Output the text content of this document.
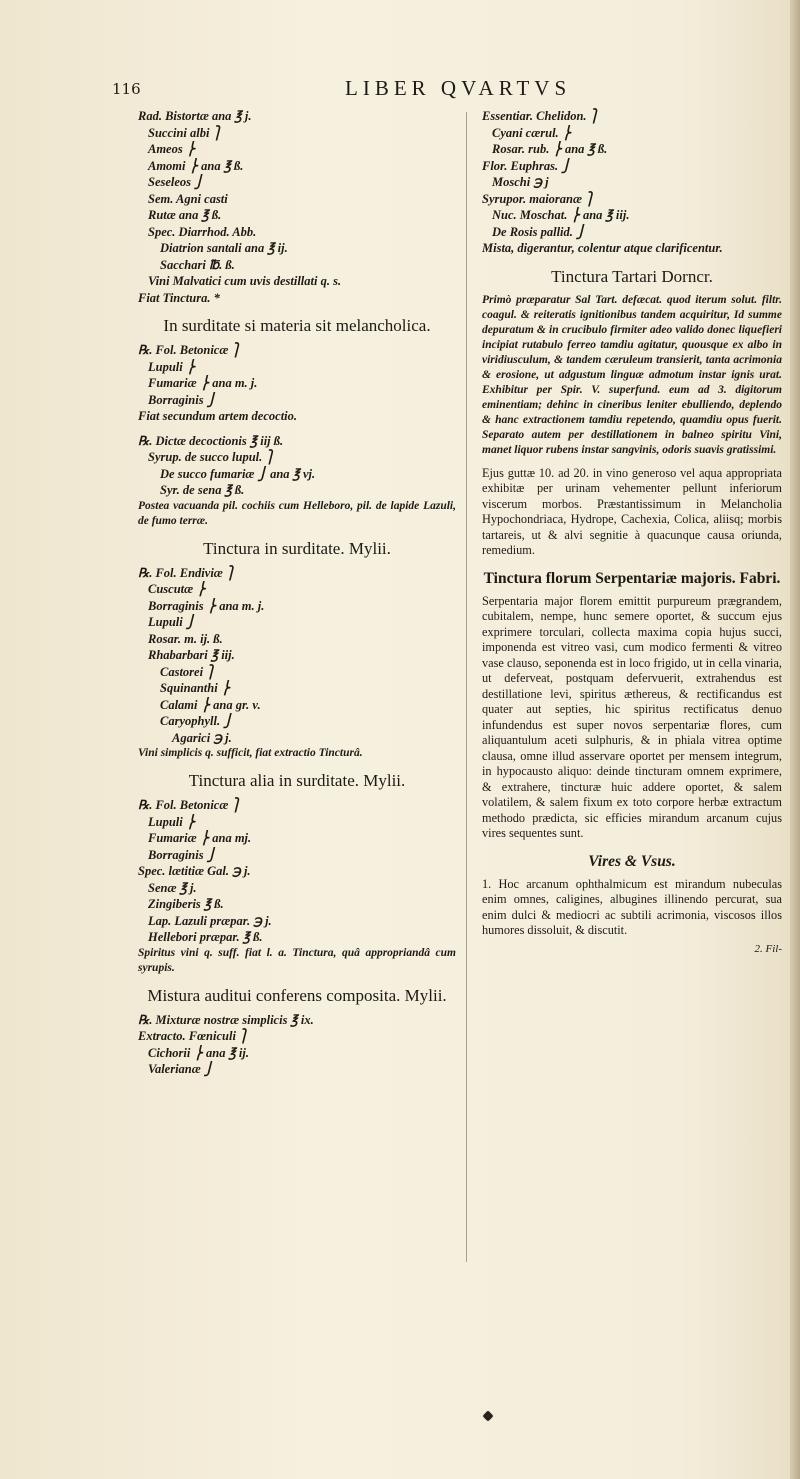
116	LIBER QVARTVS
Rad. Bistortæ ana ℥ j.
Succini albi ⎫
Ameos ⎬
Amomi ⎬ ana ℥ ß.
Seseleos ⎭
Sem. Agni casti
Rutæ ana ℥ ß.
Spec. Diarrhod. Abb.
Diatrion santali ana ℥ ij.
Sacchari ℔. ß.
Vini Malvatici cum uvis destillati q. s.
Fiat Tinctura. *
In surditate si materia sit melancholica.
℞. Fol. Betonicæ ⎫
Lupuli ⎬
Fumariæ ⎬ ana m. j.
Borraginis ⎭
Fiat secundum artem decoctio.
℞. Dictæ decoctionis ℥ iij ß.
Syrup. de succo lupul. ⎫
De succo fumariæ ⎭ ana ℥ vj.
Syr. de sena ℥ ß.
Postea vacuanda pil. cochiis cum Helleboro, pil. de lapide Lazuli, de fumo terræ.
Tinctura in surditate. Mylii.
℞. Fol. Endiviæ ⎫
Cuscutæ ⎬
Borraginis ⎬ ana m. j.
Lupuli ⎭
Rosar. m. ij. ß.
Rhabarbari ℥ iij.
Castorei ⎫
Squinanthi ⎬
Calami ⎬ ana gr. v.
Caryophyll. ⎭
Agarici ℈ j.
Vini simplicis q. sufficit, fiat extractio Tincturâ.
Tinctura alia in surditate. Mylii.
℞. Fol. Betonicæ ⎫
Lupuli ⎬
Fumariæ ⎬ ana mj.
Borraginis ⎭
Spec. lætitiæ Gal. ℈ j.
Senæ ℥ j.
Zingiberis ℥ ß.
Lap. Lazuli præpar. ℈ j.
Hellebori præpar. ℥ ß.
Spiritus vini q. suff. fiat l. a. Tinctura, quâ appropriandâ cum syrupis.
Mistura auditui conferens composita. Mylii.
℞. Mixturæ nostræ simplicis ℥ ix.
Extracto. Fœniculi ⎫
Cichorii ⎬ ana ℥ ij.
Valerianæ ⎭
Essentiar. Chelidon. ⎫
Cyani cærul. ⎬
Rosar. rub. ⎬ ana ℥ ß.
Flor. Euphras. ⎭
Moschi ℈ j
Syrupor. maioranæ ⎫
Nuc. Moschat. ⎬ ana ℥ iij.
De Rosis pallid. ⎭
Mista, digerantur, colentur atque clarificentur.
Tinctura Tartari Dorncr.
Primò præparatur Sal Tart. defæcat. quod iterum solut. filtr. coagul. & reiteratis ignitionibus tandem acquiritur, Id summe depuratum & in crucibulo firmiter adeo valido donec liquefieri incipiat rutabulo ferreo tamdiu agitatur, quousque ex albo in viridiusculum, & tandem cæruleum transierit, tanta acrimonia & erosione, ut adgustum linguæ admotum instar ignis urat. Exhibitur per Spir. V. superfund. eum ad 3. digitorum eminentiam; dehinc in cineribus leniter ebulliendo, deplendo & hanc extractionem tamdiu repetendo, quamdiu opus fuerit. Separato autem per destillationem in balneo spiritu Vini, manet liquor rubens instar sangvinis, odoris suavis gratissimi.
Ejus guttæ 10. ad 20. in vino generoso vel aqua appropriata exhibitæ per urinam vehementer pellunt inferiorum viscerum morbos. Præstantissimum in Melancholia Hypochondriaca, Hydrope, Cachexia, Colica, aliisq; morbis tartareis, ut & alvi segnitie à quacunque causa oriunda, remedium.
Tinctura florum Serpentariæ majoris. Fabri.
Serpentaria major florem emittit purpureum prægrandem, cubitalem, nempe, hunc semere oportet, & succum ejus exprimere torculari, collecta maxima copia hujus succi, imponenda est vitreo vasi, cum modico fermenti & vitreo vase clauso, seponenda est in loco frigido, ut in cella vinaria, ut deferveat, postquam defervuerit, extrahendus est destillatione levi, spiritus æthereus, & rectificandus est quater aut septies, hic spiritus rectificatus denuo infundendus est super novos serpentariæ flores, cum aliquantulum aceti sulphuris, & in phiala vitrea optime clausa, omne illud asservare oportet per mensem integrum, in hypocausto aliquo: deinde tincturam omnem exprimere, & extrahere, tincturæ huic addere oportet, & salem volatilem, & salem fixum ex toto corpore herbæ extractum methodo prædicta, sic efficies mirandum arcanum cujus vires sequentes sunt.
Vires & Vsus.
1. Hoc arcanum ophthalmicum est mirandum nubeculas enim omnes, caligines, albugines illinendo percurat, sua enim dulci & mediocri ac subtili acrimonia, viscosos illos humores dissoluit, & discutit.
2. Fil-
